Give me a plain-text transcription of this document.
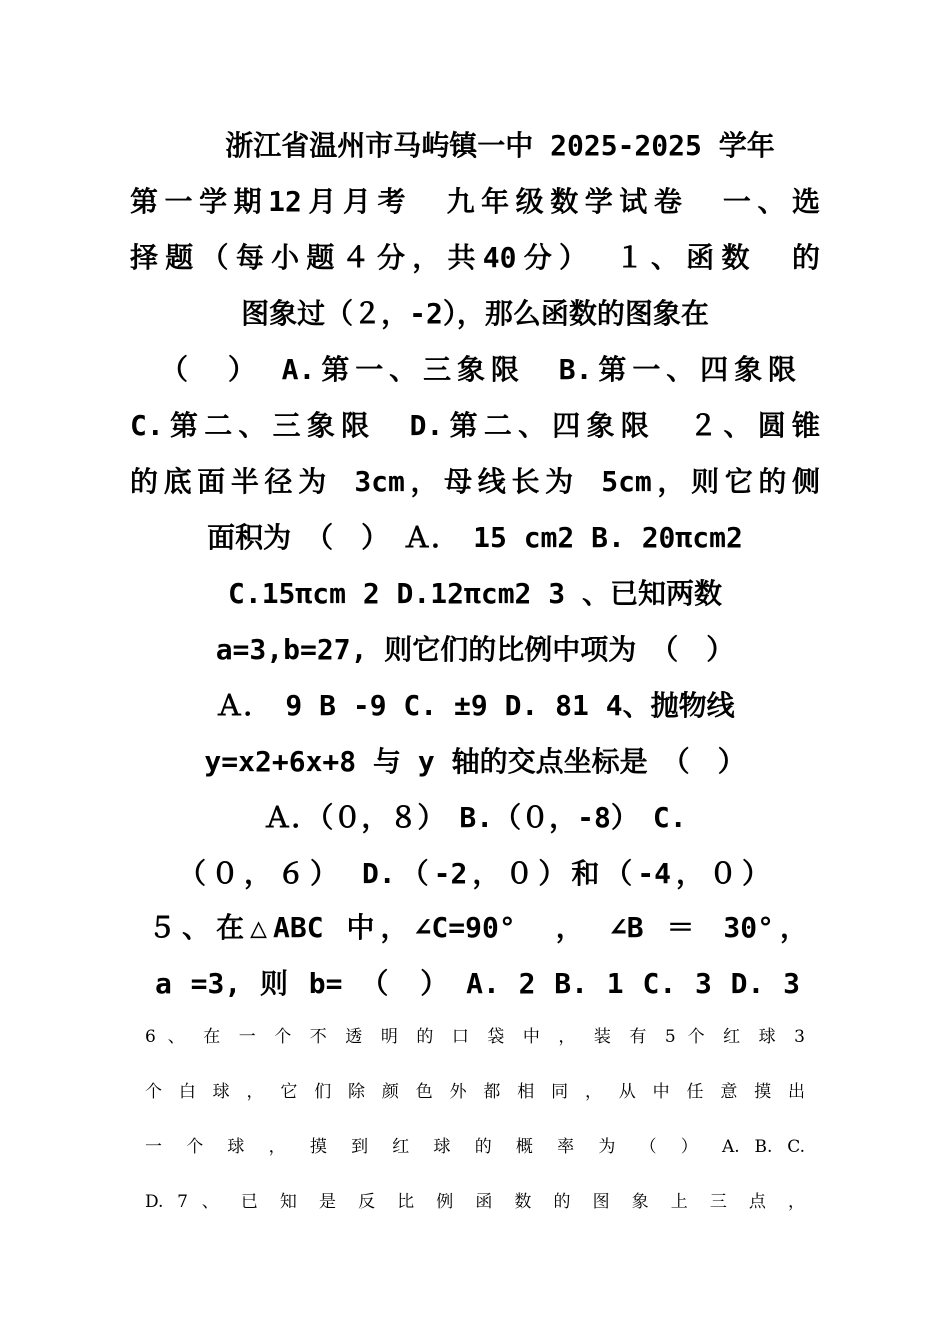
浙江省温州市马屿镇一中 2025-2025 学年
第一学期12月月考　九年级数学试卷　一、选
择题（每小题４分，共40分）　１、函数　的
图象过（２，-2），那么函数的图象在
（　）　A.第一、三象限　B.第一、四象限
C.第二、三象限　D.第二、四象限　２、圆锥
的底面半径为 3cm，母线长为 5cm，则它的侧
面积为　（　）　Ａ．　15 cm2 B. 20πcm2
C.15πcm 2 D.12πcm2 3 、已知两数
a=3,b=27, 则它们的比例中项为　（　）
Ａ．　9 B -9 C. ±9 D. 81 4、抛物线
y=x2+6x+8 与 y 轴的交点坐标是　（　）
Ａ．（０，８）　B.（０，-8）　C.
（０，６）　D.（-2，０）和（-4，０）
５、在△ABC 中，∠C=90°　，　∠B ＝ 30°，
a =3, 则 b=　（　）　A. 2 B. 1 C. 3 D. 3
6 、 在 一 个 不 透 明 的 口 袋 中 ， 装 有 5 个 红 球 3
个 白 球 ， 它 们 除 颜 色 外 都 相 同 ， 从 中 任 意 摸 出
一 个 球 ， 摸 到 红 球 的 概 率 为 （ ） A. B. C.
D. 7 、 已 知 是 反 比 例 函 数 的 图 象 上 三 点 ，
